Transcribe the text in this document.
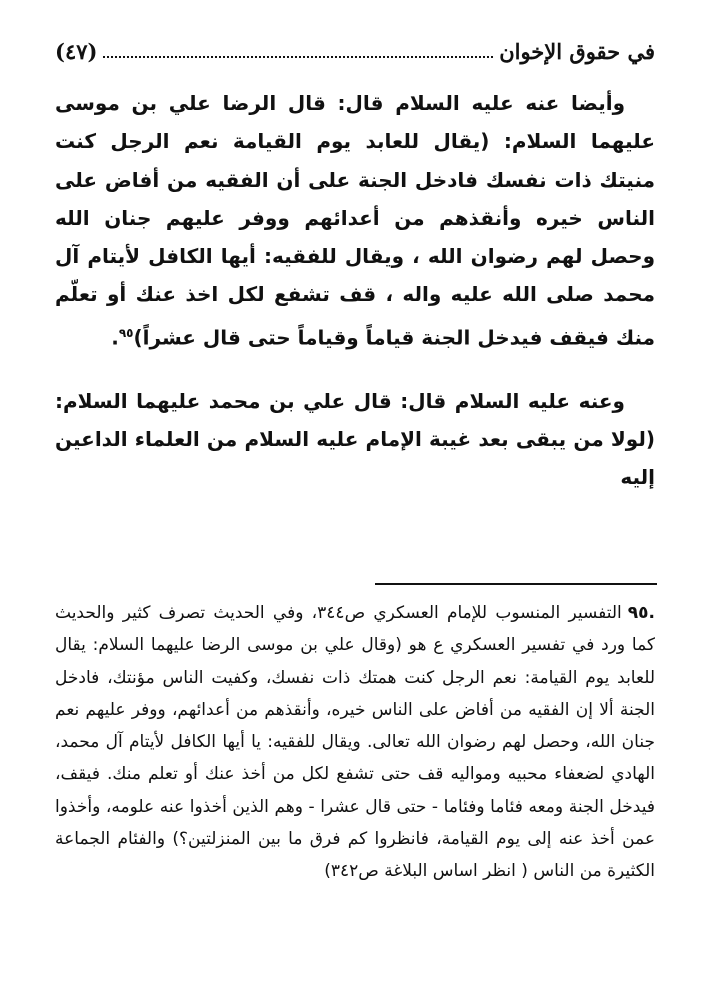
في حقوق الإخوان
(٤٧)

وأيضا عنه عليه السلام قال: قال الرضا علي بن موسى عليهما السلام: (يقال للعابد يوم القيامة نعم الرجل كنت منيتك ذات نفسك فادخل الجنة على أن الفقيه من أفاض على الناس خيره وأنقذهم من أعدائهم ووفر عليهم جنان الله وحصل لهم رضوان الله ، ويقال للفقيه: أيها الكافل لأيتام آل محمد صلى الله عليه واله ، قف تشفع لكل اخذ عنك أو تعلّم منك فيقف فيدخل الجنة قياماً وقياماً حتى قال عشراً)$^{٩٥}$.

وعنه عليه السلام قال: قال علي بن محمد عليهما السلام: (لولا من يبقى بعد غيبة الإمام عليه السلام من العلماء الداعين إليه

.٩٥التفسير المنسوب للإمام العسكري ص٣٤٤، وفي الحديث تصرف كثير والحديث كما ورد في تفسير العسكري ع هو (وقال علي بن موسى الرضا عليهما السلام: يقال للعابد يوم القيامة: نعم الرجل كنت همتك ذات نفسك، وكفيت الناس مؤنتك، فادخل الجنة ألا إن الفقيه من أفاض على الناس خيره، وأنقذهم من أعدائهم، ووفر عليهم نعم جنان الله، وحصل لهم رضوان الله تعالى. ويقال للفقيه: يا أيها الكافل لأيتام آل محمد، الهادي لضعفاء محبيه ومواليه قف حتى تشفع لكل من أخذ عنك أو تعلم منك. فيقف، فيدخل الجنة ومعه فئاما وفئاما - حتى قال عشرا - وهم الذين أخذوا عنه علومه، وأخذوا عمن أخذ عنه إلى يوم القيامة، فانظروا كم فرق ما بين المنزلتين؟) والفئام الجماعة الكثيرة من الناس ( انظر اساس البلاغة ص٣٤٢)
